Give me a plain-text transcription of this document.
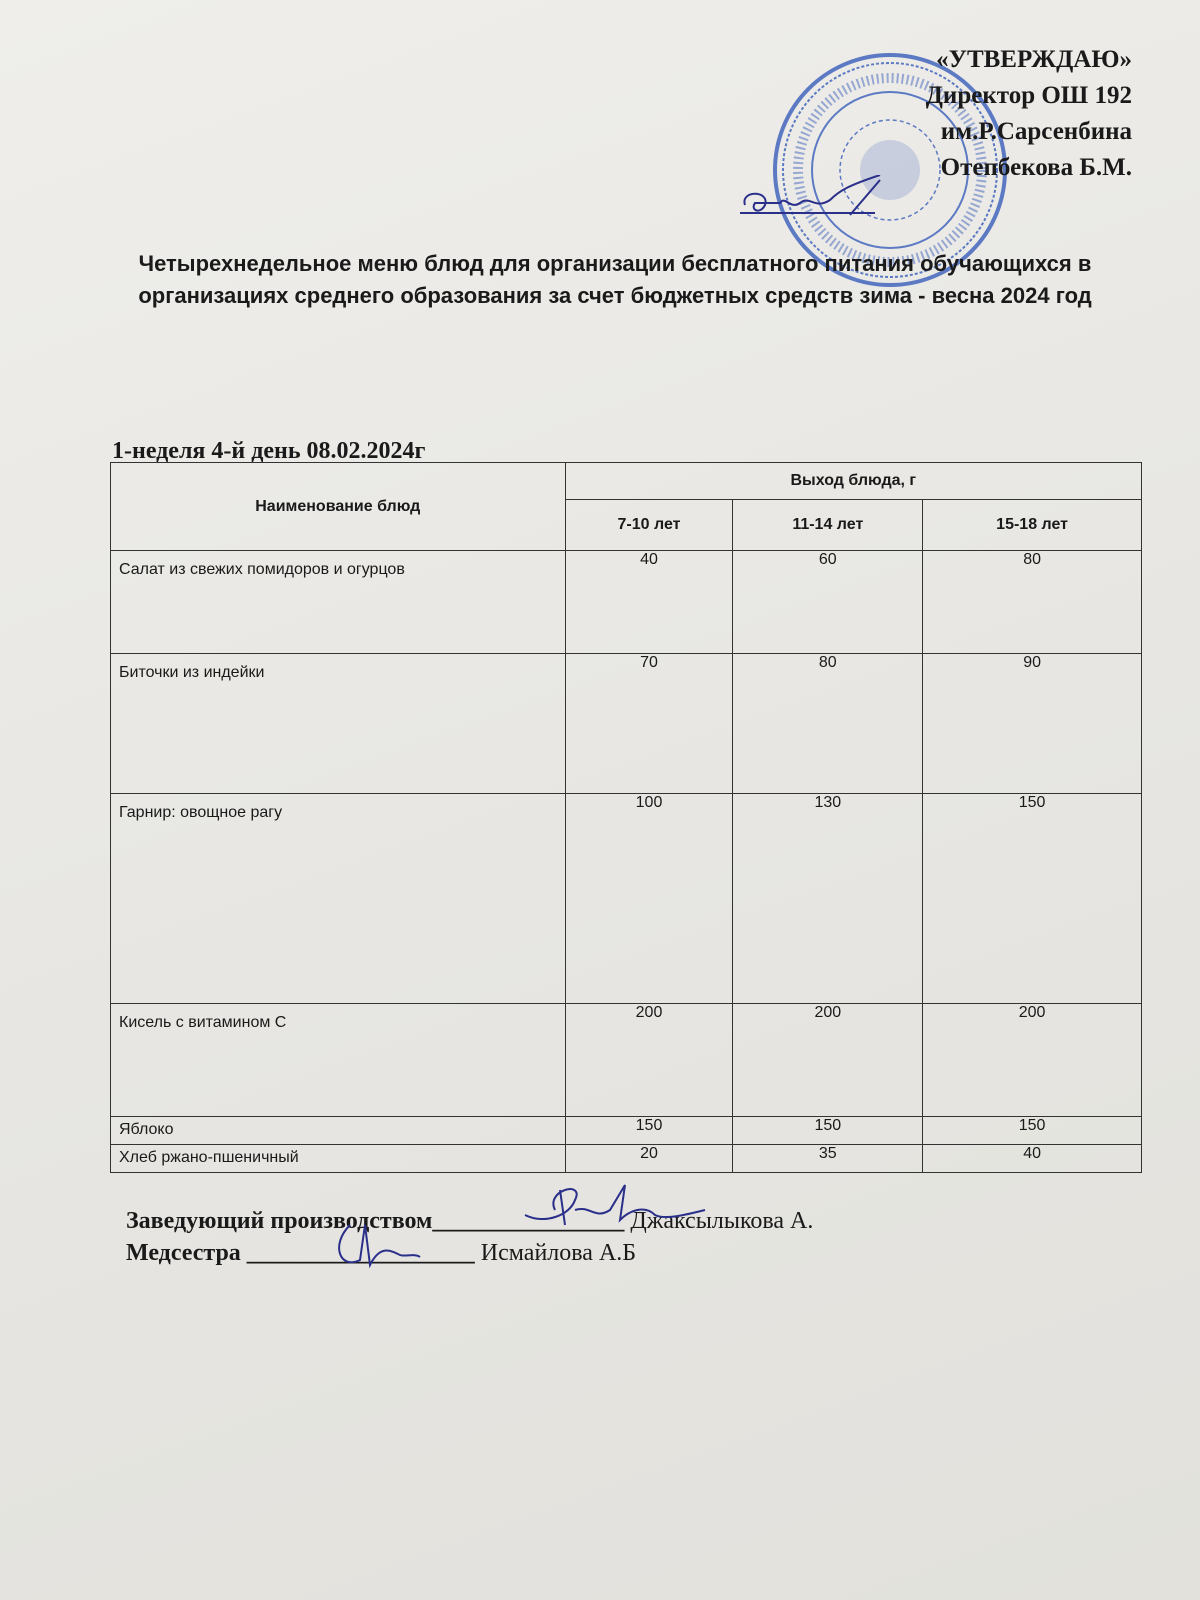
«УТВЕРЖДАЮ»
Директор ОШ 192
им.Р.Сарсенбина
Отепбекова Б.М.
Четырехнедельное меню блюд для организации бесплатного питания обучающихся в организациях среднего образования за счет бюджетных средств зима - весна 2024 год
1-неделя 4-й день 08.02.2024г
Наименование блюд	Выход блюда, г		
	7-10 лет	11-14 лет	15-18 лет
Салат из свежих помидоров и огурцов	40	60	80
Биточки из индейки	70	80	90
Гарнир: овощное рагу	100	130	150
Кисель с витамином С	200	200	200
Яблоко	150	150	150
Хлеб ржано-пшеничный	20	35	40
Заведующий производством________________ Джаксылыкова А.
Медсестра ___________________ Исмайлова А.Б
